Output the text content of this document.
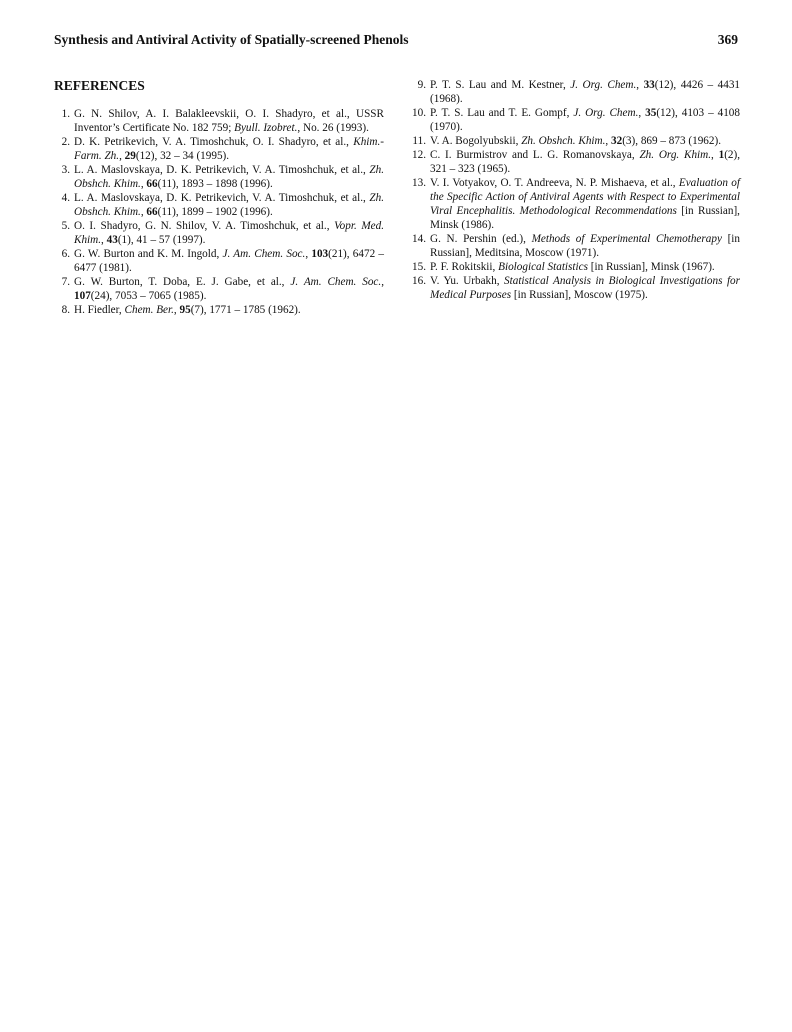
Synthesis and Antiviral Activity of Spatially-screened Phenols	369
REFERENCES
1. G. N. Shilov, A. I. Balakleevskii, O. I. Shadyro, et al., USSR Inventor’s Certificate No. 182 759; Byull. Izobret., No. 26 (1993).
2. D. K. Petrikevich, V. A. Timoshchuk, O. I. Shadyro, et al., Khim.-Farm. Zh., 29(12), 32 – 34 (1995).
3. L. A. Maslovskaya, D. K. Petrikevich, V. A. Timoshchuk, et al., Zh. Obshch. Khim., 66(11), 1893 – 1898 (1996).
4. L. A. Maslovskaya, D. K. Petrikevich, V. A. Timoshchuk, et al., Zh. Obshch. Khim., 66(11), 1899 – 1902 (1996).
5. O. I. Shadyro, G. N. Shilov, V. A. Timoshchuk, et al., Vopr. Med. Khim., 43(1), 41 – 57 (1997).
6. G. W. Burton and K. M. Ingold, J. Am. Chem. Soc., 103(21), 6472 – 6477 (1981).
7. G. W. Burton, T. Doba, E. J. Gabe, et al., J. Am. Chem. Soc., 107(24), 7053 – 7065 (1985).
8. H. Fiedler, Chem. Ber., 95(7), 1771 – 1785 (1962).
9. P. T. S. Lau and M. Kestner, J. Org. Chem., 33(12), 4426 – 4431 (1968).
10. P. T. S. Lau and T. E. Gompf, J. Org. Chem., 35(12), 4103 – 4108 (1970).
11. V. A. Bogolyubskii, Zh. Obshch. Khim., 32(3), 869 – 873 (1962).
12. C. I. Burmistrov and L. G. Romanovskaya, Zh. Org. Khim., 1(2), 321 – 323 (1965).
13. V. I. Votyakov, O. T. Andreeva, N. P. Mishaeva, et al., Evaluation of the Specific Action of Antiviral Agents with Respect to Experimental Viral Encephalitis. Methodological Recommendations [in Russian], Minsk (1986).
14. G. N. Pershin (ed.), Methods of Experimental Chemotherapy [in Russian], Meditsina, Moscow (1971).
15. P. F. Rokitskii, Biological Statistics [in Russian], Minsk (1967).
16. V. Yu. Urbakh, Statistical Analysis in Biological Investigations for Medical Purposes [in Russian], Moscow (1975).
